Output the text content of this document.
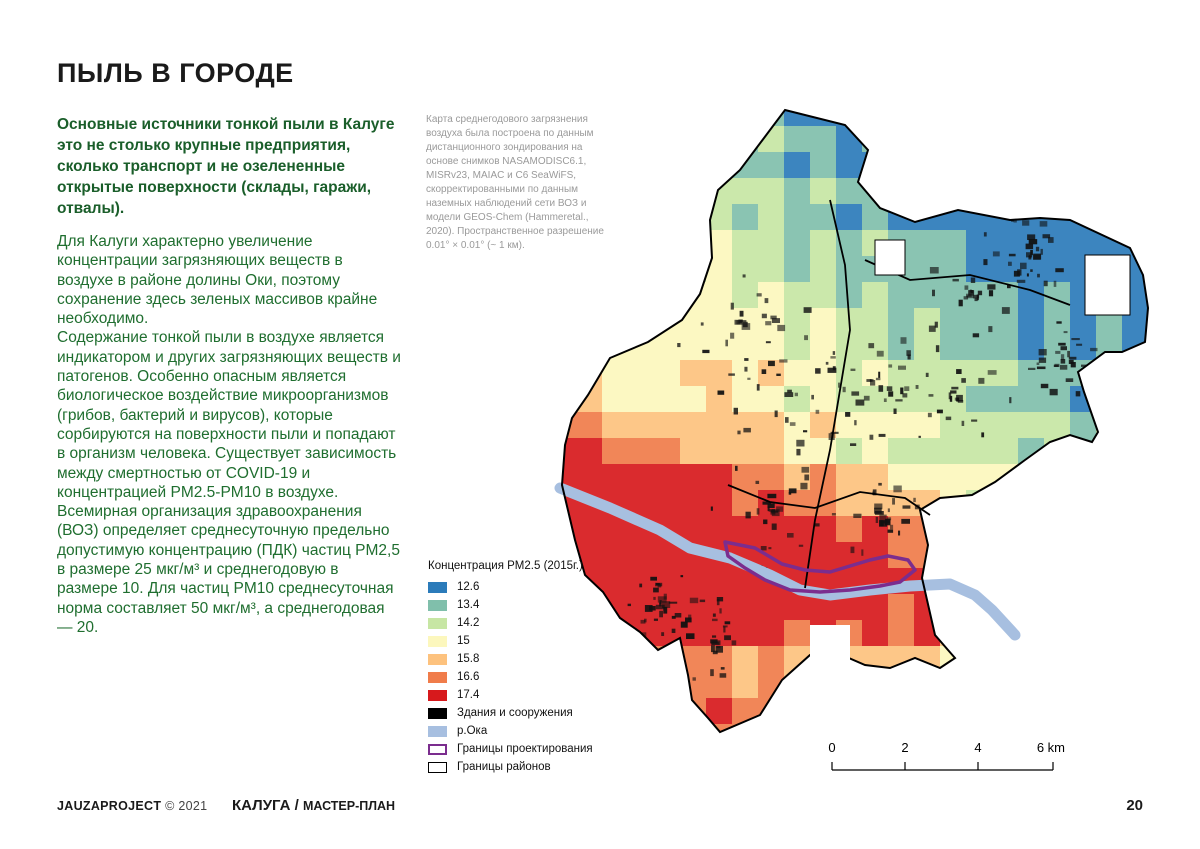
ПЫЛЬ В ГОРОДЕ

Основные источники тонкой пыли в Калуге это не столько крупные предприятия, сколько транспорт и не озелененные открытые поверхности (склады, гаражи, отвалы).

Для Калуги характерно увеличение концентрации загрязняющих веществ в воздухе в районе долины Оки, поэтому сохранение здесь зеленых массивов крайне необходимо.

Содержание тонкой пыли в воздухе является индикатором и других загрязняющих веществ и патогенов. Особенно опасным является биологическое воздействие микроорганизмов (грибов, бактерий и вирусов), которые сорбируются на поверхности пыли и попадают в организм человека. Существует зависимость между смертностью от COVID-19 и концентрацией PM2.5-PM10 в воздухе. Всемирная организация здравоохранения (ВОЗ) определяет среднесуточную предельно допустимую концентрацию (ПДК) частиц PM2,5 в размере 25 мкг/м³ и среднегодовую в размере 10. Для частиц PM10 среднесуточная норма составляет 50 мкг/м³, а среднегодовая — 20.

Карта среднегодового загрязнения воздуха была построена по данным дистанционного зондирования на основе снимков NASAMODISC6.1, MISRv23, MAIAC и C6 SeaWiFS, скорректированными по данным наземных наблюдений сети ВОЗ и модели GEOS-Chem (Hammeretal., 2020). Пространственное разрешение 0.01° × 0.01° (~ 1 км).

Концентрация PM2.5 (2015г.)

12.6
13.4
14.2
15
15.8
16.6
17.4
Здания и сооружения
р.Ока
Границы проектирования
Границы районов
0	2	4	6 km
JAUZAPROJECT © 2021 КАЛУГА / МАСТЕР-ПЛАН	20
